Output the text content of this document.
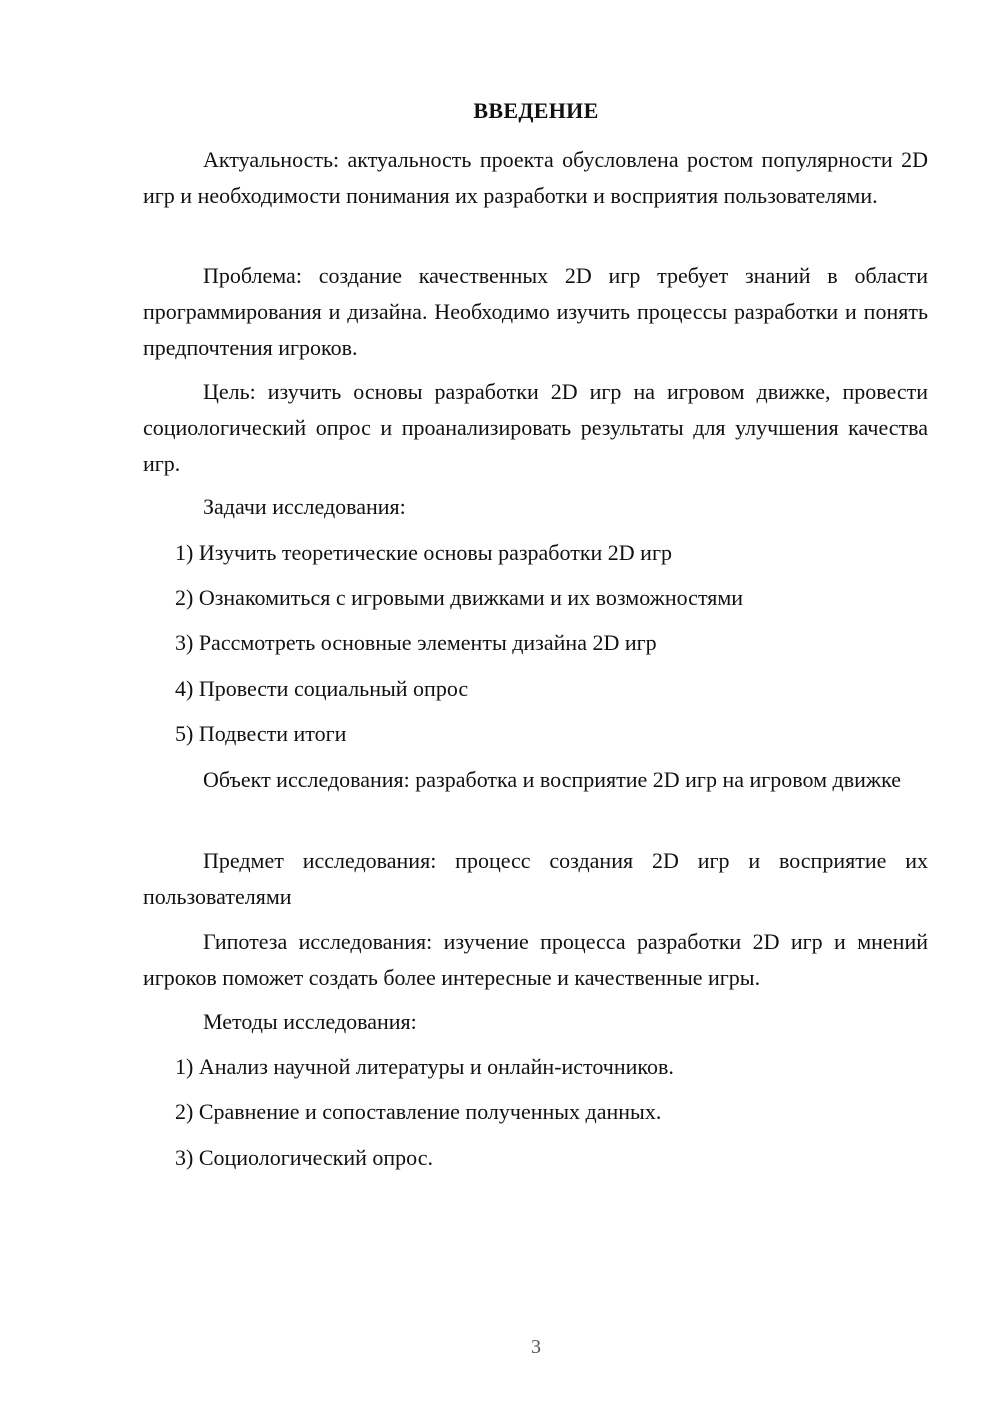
ВВЕДЕНИЕ
Актуальность: актуальность проекта обусловлена ростом популярности 2D игр и необходимости понимания их разработки и восприятия пользователями.
Проблема: создание качественных 2D игр требует знаний в области программирования и дизайна. Необходимо изучить процессы разработки и понять предпочтения игроков.
Цель: изучить основы разработки 2D игр на игровом движке, провести социологический опрос и проанализировать результаты для улучшения качества игр.
Задачи исследования:
1) Изучить теоретические основы разработки 2D игр
2) Ознакомиться с игровыми движками и их возможностями
3) Рассмотреть основные элементы дизайна 2D игр
4) Провести социальный опрос
5) Подвести итоги
Объект исследования: разработка и восприятие 2D игр на игровом движке
Предмет исследования: процесс создания 2D игр и восприятие их пользователями
Гипотеза исследования: изучение процесса разработки 2D игр и мнений игроков поможет создать более интересные и качественные игры.
Методы исследования:
1) Анализ научной литературы и онлайн-источников.
2) Сравнение и сопоставление полученных данных.
3) Социологический опрос.
3
